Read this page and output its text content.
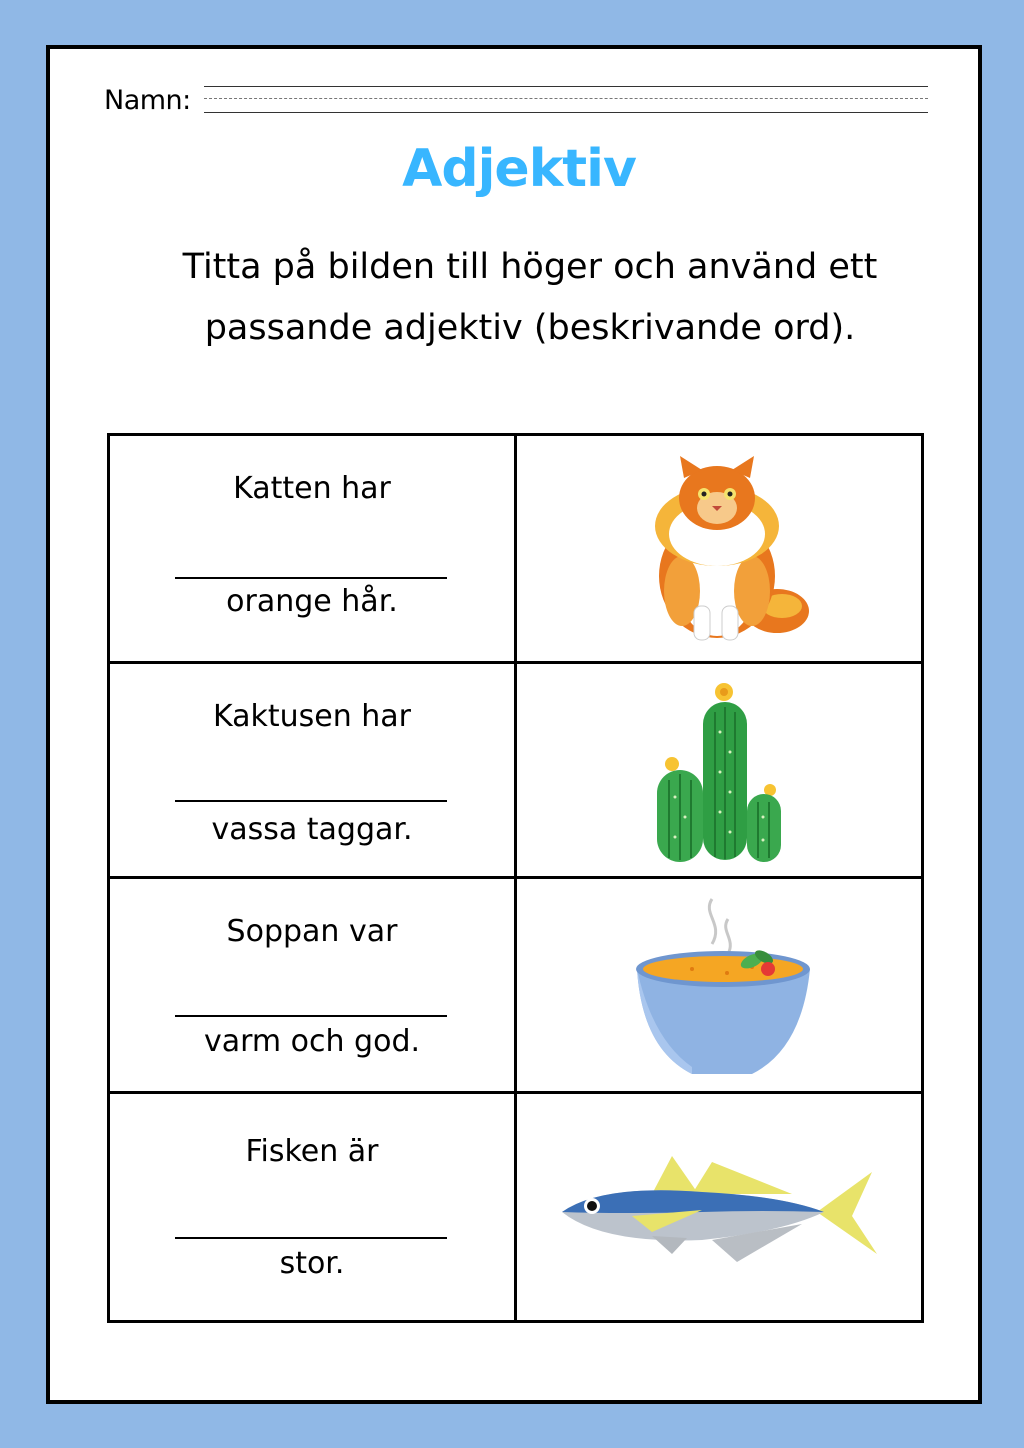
Namn:
Adjektiv
Titta på bilden till höger och använd ett
passande adjektiv (beskrivande ord).
Katten har
orange hår.
Kaktusen har
vassa taggar.
Soppan var
varm och god.
Fisken är
stor.
